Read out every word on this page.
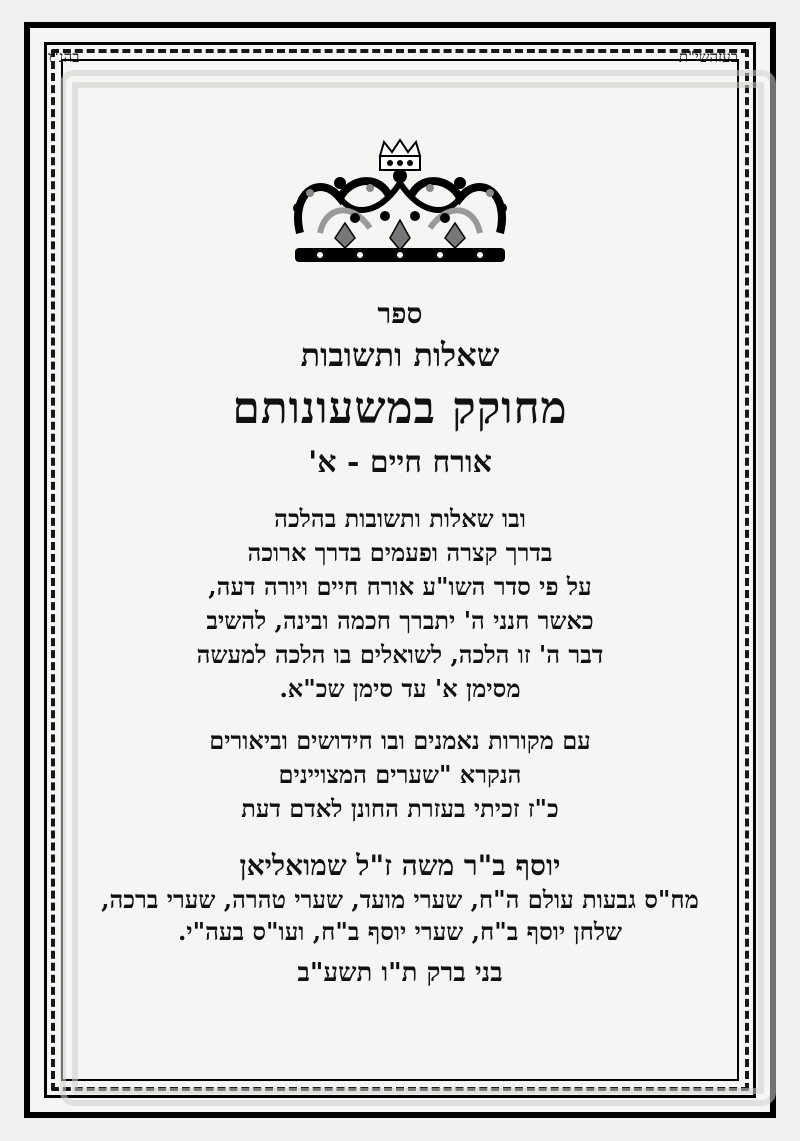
בעזהשי"ת
בהנ"ו
ספר
שאלות ותשובות
מחוקק במשעונותם
אורח חיים - א'
ובו שאלות ותשובות בהלכה
בדרך קצרה ופעמים בדרך ארוכה
על פי סדר השו"ע אורח חיים ויורה דעה,
כאשר חנני ה' יתברך חכמה ובינה, להשיב
דבר ה' זו הלכה, לשואלים בו הלכה למעשה
מסימן א' עד סימן שכ"א.
עם מקורות נאמנים ובו חידושים וביאורים
הנקרא "שערים המצויינים
כ"ז זכיתי בעזרת החונן לאדם דעת
יוסף ב"ר משה ז"ל שמואליאן
מח"ס גבעות עולם ה"ח, שערי מועד, שערי טהרה, שערי ברכה,
שלחן יוסף ב"ח, שערי יוסף ב"ח, ועו"ס בעה"י.
בני ברק ת"ו תשע"ב
